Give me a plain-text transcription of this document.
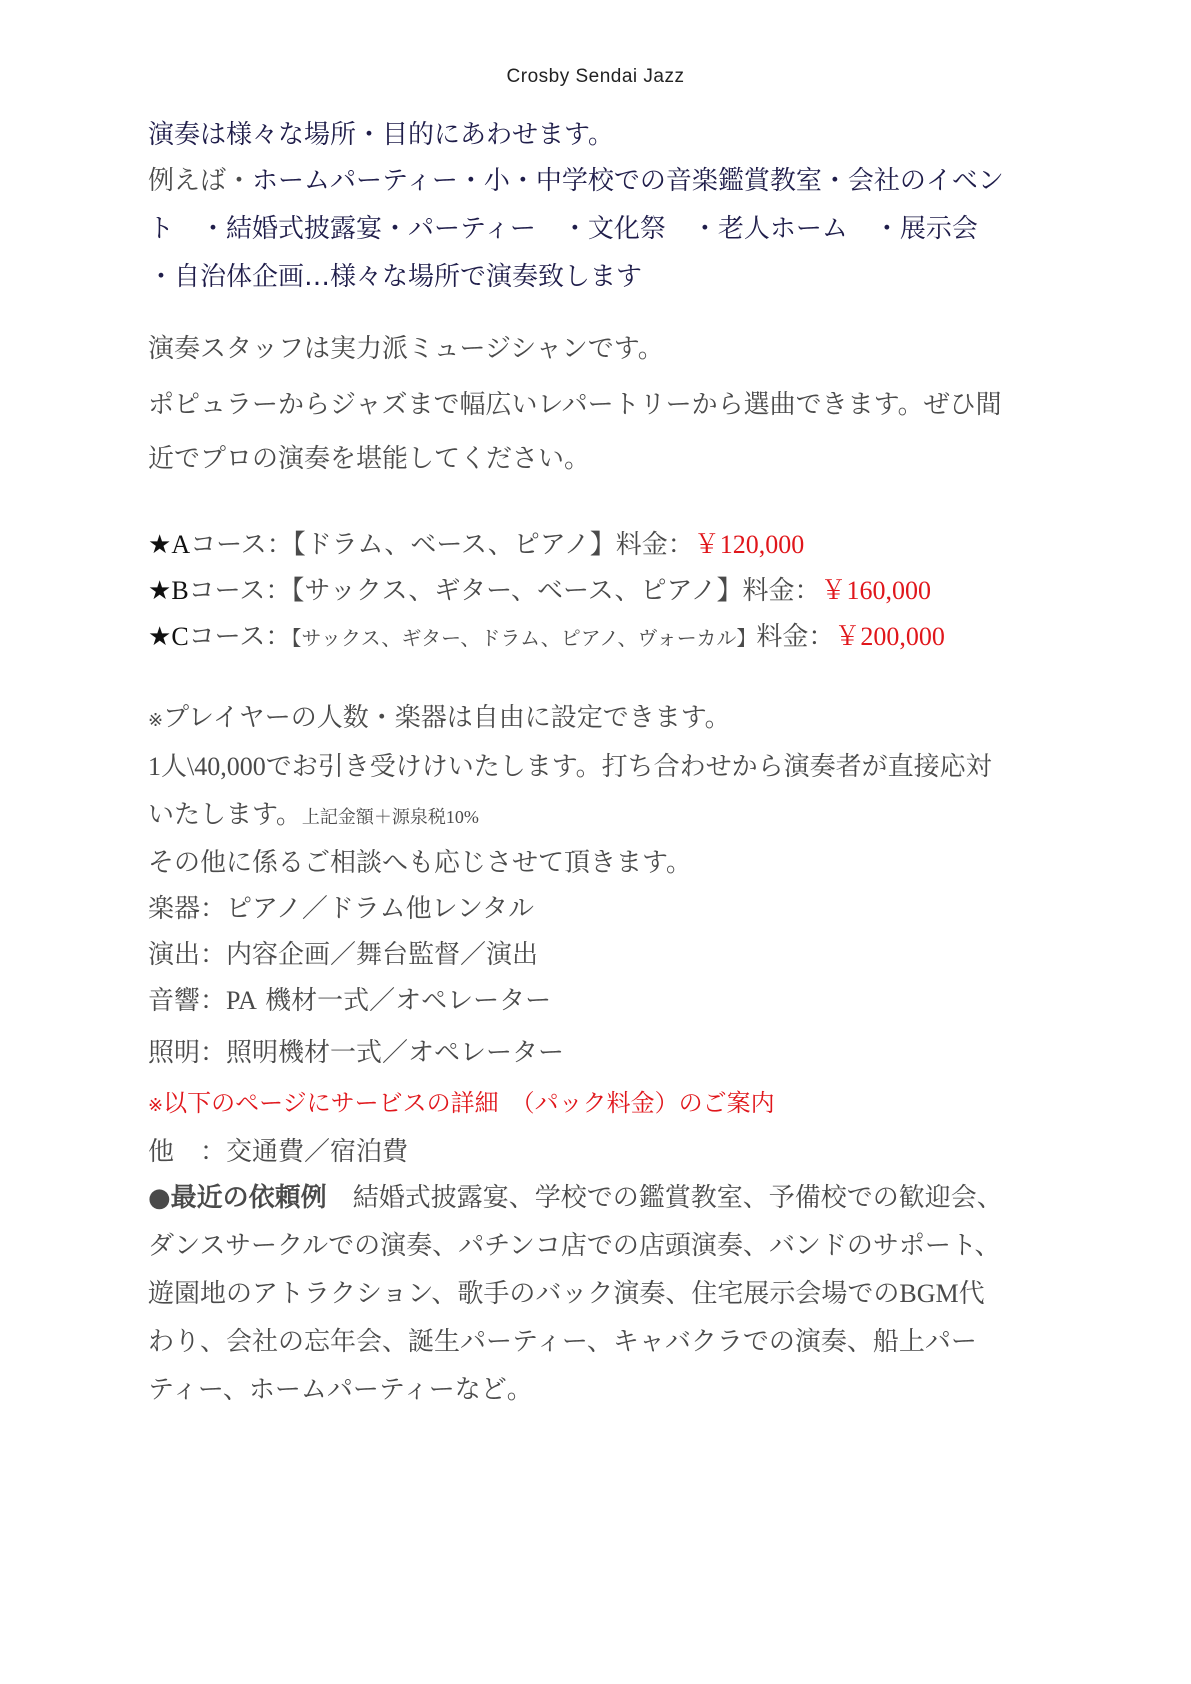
Crosby Sendai Jazz
演奏は様々な場所・目的にあわせます。
例えば・ホームパーティー・小・中学校での音楽鑑賞教室・会社のイベン
ト　・結婚式披露宴・パーティー　・文化祭　・老人ホーム　・展示会
・自治体企画…様々な場所で演奏致します
演奏スタッフは実力派ミュージシャンです。
ポピュラーからジャズまで幅広いレパートリーから選曲できます。ぜひ間
近でプロの演奏を堪能してください。
★Aコース：【ドラム、ベース、ピアノ】料金：￥120,000
★Bコース：【サックス、ギター、ベース、ピアノ】料金：￥160,000
★Cコース：【サックス、ギター、ドラム、ピアノ、ヴォーカル】料金：￥200,000
※プレイヤーの人数・楽器は自由に設定できます。
1人\40,000でお引き受けけいたします。打ち合わせから演奏者が直接応対
いたします。上記金額＋源泉税10%
その他に係るご相談へも応じさせて頂きます。
楽器：ピアノ／ドラム他レンタル
演出：内容企画／舞台監督／演出
音響：PA 機材一式／オペレーター
照明：照明機材一式／オペレーター
※以下のページにサービスの詳細　（パック料金）のご案内
他　：交通費／宿泊費
●最近の依頼例　結婚式披露宴、学校での鑑賞教室、予備校での歓迎会、
ダンスサークルでの演奏、パチンコ店での店頭演奏、バンドのサポート、
遊園地のアトラクション、歌手のバック演奏、住宅展示会場でのBGM代
わり、会社の忘年会、誕生パーティー、キャバクラでの演奏、船上パー
ティー、ホームパーティーなど。
